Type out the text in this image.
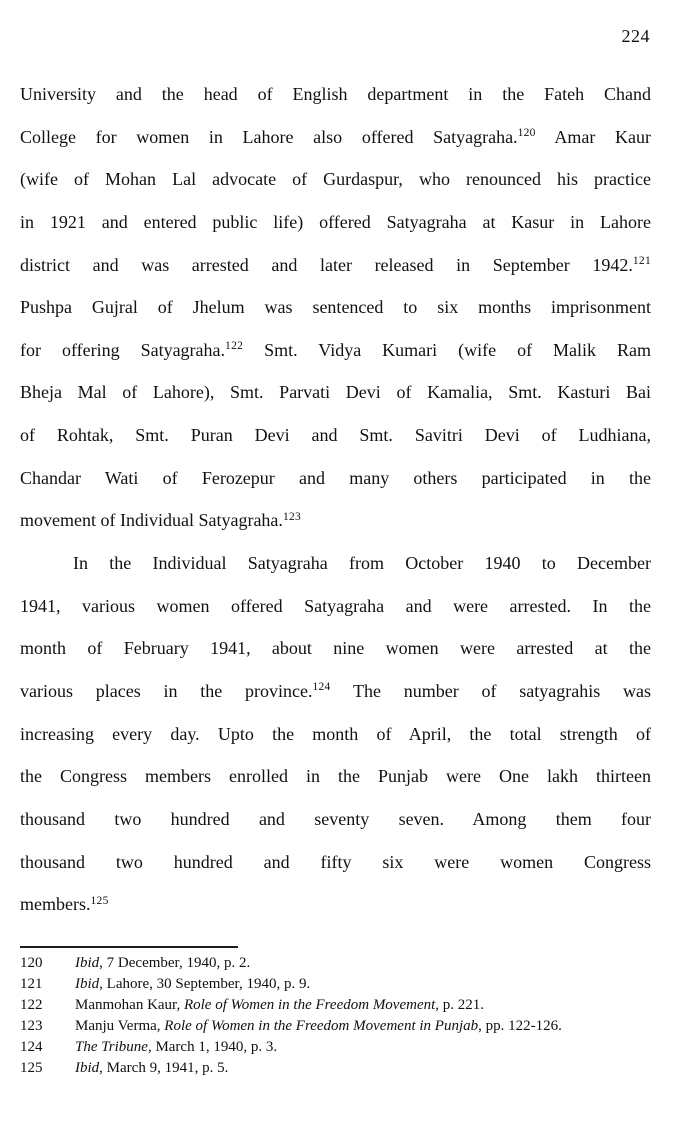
224
University and the head of English department in the Fateh Chand
College for women in Lahore also offered Satyagraha.$^{120}$ Amar Kaur
(wife of Mohan Lal advocate of Gurdaspur, who renounced his practice
in 1921 and entered public life) offered Satyagraha at Kasur in Lahore
district and was arrested and later released in September 1942.$^{121}$
Pushpa Gujral of Jhelum was sentenced to six months imprisonment
for offering Satyagraha.$^{122}$ Smt. Vidya Kumari (wife of Malik Ram
Bheja Mal of Lahore), Smt. Parvati Devi of Kamalia, Smt. Kasturi Bai
of Rohtak, Smt. Puran Devi and Smt. Savitri Devi of Ludhiana,
Chandar Wati of Ferozepur and many others participated in the
movement of Individual Satyagraha.$^{123}$
In the Individual Satyagraha from October 1940 to December
1941, various women offered Satyagraha and were arrested. In the
month of February 1941, about nine women were arrested at the
various places in the province.$^{124}$ The number of satyagrahis was
increasing every day. Upto the month of April, the total strength of
the Congress members enrolled in the Punjab were One lakh thirteen
thousand two hundred and seventy seven. Among them four
thousand two hundred and fifty six were women Congress
members.$^{125}$
120 Ibid, 7 December, 1940, p. 2.
121 Ibid, Lahore, 30 September, 1940, p. 9.
122 Manmohan Kaur, Role of Women in the Freedom Movement, p. 221.
123 Manju Verma, Role of Women in the Freedom Movement in Punjab, pp. 122-126.
124 The Tribune, March 1, 1940, p. 3.
125 Ibid, March 9, 1941, p. 5.
